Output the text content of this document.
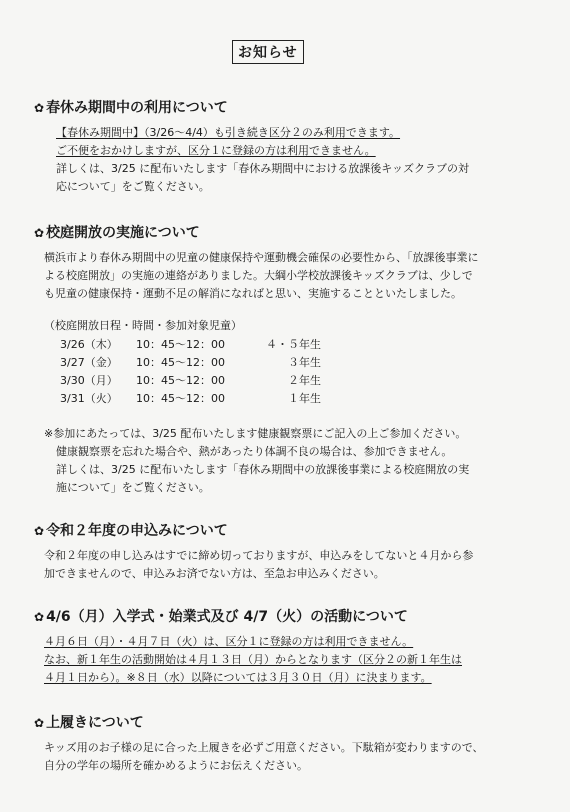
お知らせ
✿ 春休み期間中の利用について
【春休み期間中】（3/26～4/4）も引き続き区分２のみ利用できます。
ご不便をおかけしますが、区分１に登録の方は利用できません。
詳しくは、3/25 に配布いたします「春休み期間中における放課後キッズクラブの対
応について」をご覧ください。
✿ 校庭開放の実施について
横浜市より春休み期間中の児童の健康保持や運動機会確保の必要性から、「放課後事業に
よる校庭開放」の実施の連絡がありました。大綱小学校放課後キッズクラブは、少しで
も児童の健康保持・運動不足の解消になればと思い、実施することといたしました。
（校庭開放日程・時間・参加対象児童）
3/26（木） 10：45～12：00	４・５年生
3/27（金） 10：45～12：00	３年生
3/30（月） 10：45～12：00	２年生
3/31（火） 10：45～12：00	１年生
※参加にあたっては、3/25 配布いたします健康観察票にご記入の上ご参加ください。
健康観察票を忘れた場合や、熱があったり体調不良の場合は、参加できません。
詳しくは、3/25 に配布いたします「春休み期間中の放課後事業による校庭開放の実
施について」をご覧ください。
✿ 令和２年度の申込みについて
令和２年度の申し込みはすでに締め切っておりますが、申込みをしてないと４月から参
加できませんので、申込みお済でない方は、至急お申込みください。
✿ 4/6（月）入学式・始業式及び 4/7（火）の活動について
４月６日（月）・４月７日（火）は、区分１に登録の方は利用できません。
なお、新１年生の活動開始は４月１３日（月）からとなります（区分２の新１年生は
４月１日から）。※８日（水）以降については３月３０日（月）に決まります。
✿ 上履きについて
キッズ用のお子様の足に合った上履きを必ずご用意ください。下駄箱が変わりますので、
自分の学年の場所を確かめるようにお伝えください。
